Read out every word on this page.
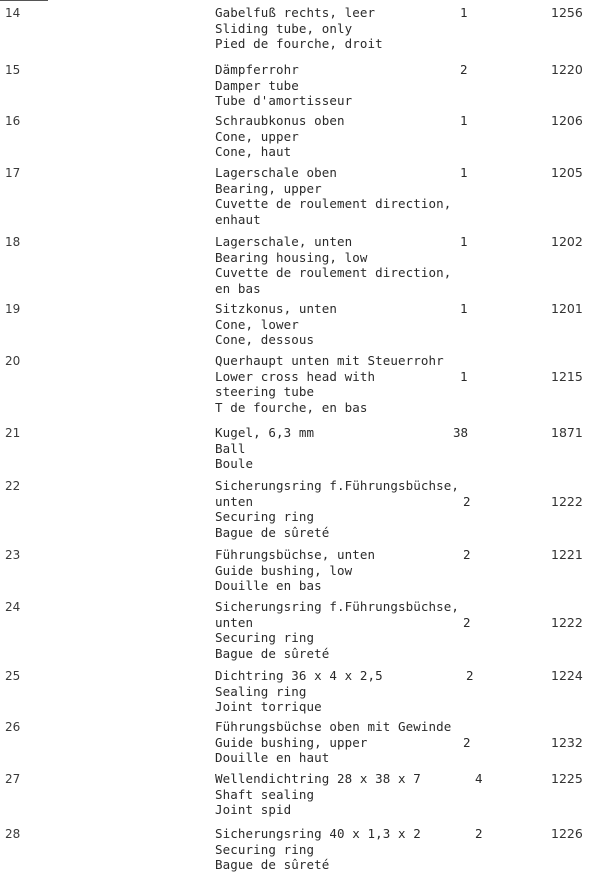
14	Gabelfuß rechts, leer
Sliding tube, only
Pied de fourche, droit
1	1256
15	Dämpferrohr
Damper tube
Tube d'amortisseur
2	1220
16	Schraubkonus oben
Cone, upper
Cone, haut
1	1206
17	Lagerschale oben
Bearing, upper
Cuvette de roulement direction,
enhaut
1	1205
18	Lagerschale, unten
Bearing housing, low
Cuvette de roulement direction,
en bas
1	1202
19	Sitzkonus, unten
Cone, lower
Cone, dessous
1	1201
20	Querhaupt unten mit Steuerrohr
Lower cross head with
steering tube
T de fourche, en bas
1	1215
21	Kugel, 6,3 mm
Ball
Boule
38	1871
22	Sicherungsring f.Führungsbüchse,
unten
Securing ring
Bague de sûreté
2	1222
23	Führungsbüchse, unten
Guide bushing, low
Douille en bas
2	1221
24	Sicherungsring f.Führungsbüchse,
unten
Securing ring
Bague de sûreté
2	1222
25	Dichtring 36 x 4 x 2,5
Sealing ring
Joint torrique
2	1224
26	Führungsbüchse oben mit Gewinde
Guide bushing, upper
Douille en haut
2	1232
27	Wellendichtring 28 x 38 x 7
Shaft sealing
Joint spid
4	1225
28	Sicherungsring 40 x 1,3 x 2
Securing ring
Bague de sûreté
2	1226
